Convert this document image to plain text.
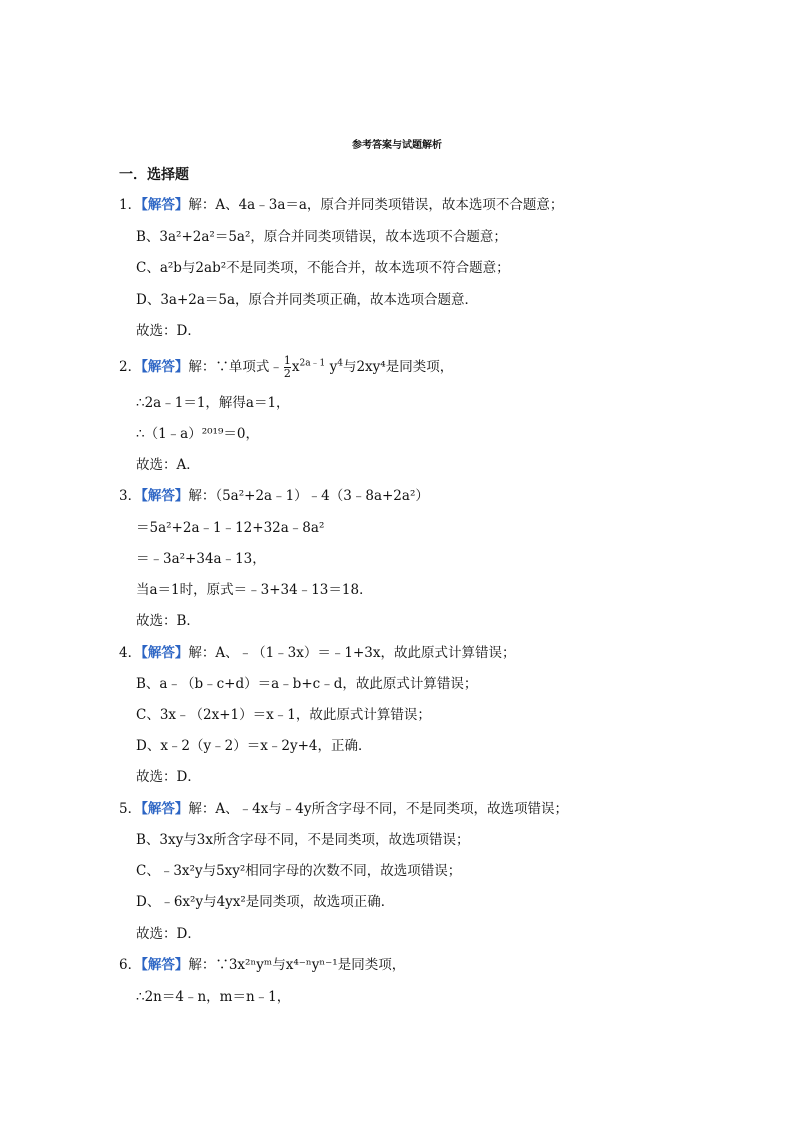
参考答案与试题解析
一．选择题
1．【解答】解：A、4a﹣3a＝a，原合并同类项错误，故本选项不合题意；
B、3a²+2a²＝5a²，原合并同类项错误，故本选项不合题意；
C、a²b与2ab²不是同类项，不能合并，故本选项不符合题意；
D、3a+2a＝5a，原合并同类项正确，故本选项合题意．
故选：D．
2．【解答】解：∵单项式﹣ $\frac{1}{2} x^{2a﹣1}$ $y^4$与2xy⁴是同类项，
∴2a﹣1＝1，解得a＝1，
∴（1﹣a）²⁰¹⁹＝0，
故选：A．
3．【解答】解：（5a²+2a﹣1）﹣4（3﹣8a+2a²）
＝5a²+2a﹣1﹣12+32a﹣8a²
＝﹣3a²+34a﹣13，
当a＝1时，原式＝﹣3+34﹣13＝18．
故选：B．
4．【解答】解：A、﹣（1﹣3x）＝﹣1+3x，故此原式计算错误；
B、a﹣（b﹣c+d）＝a﹣b+c﹣d，故此原式计算错误；
C、3x﹣（2x+1）＝x﹣1，故此原式计算错误；
D、x﹣2（y﹣2）＝x﹣2y+4，正确．
故选：D．
5．【解答】解：A、﹣4x与﹣4y所含字母不同，不是同类项，故选项错误；
B、3xy与3x所含字母不同，不是同类项，故选项错误；
C、﹣3x²y与5xy²相同字母的次数不同，故选项错误；
D、﹣6x²y与4yx²是同类项，故选项正确．
故选：D．
6．【解答】解：∵3x²ⁿyᵐ与x⁴⁻ⁿyⁿ⁻¹是同类项，
∴2n＝4﹣n，m＝n﹣1，
